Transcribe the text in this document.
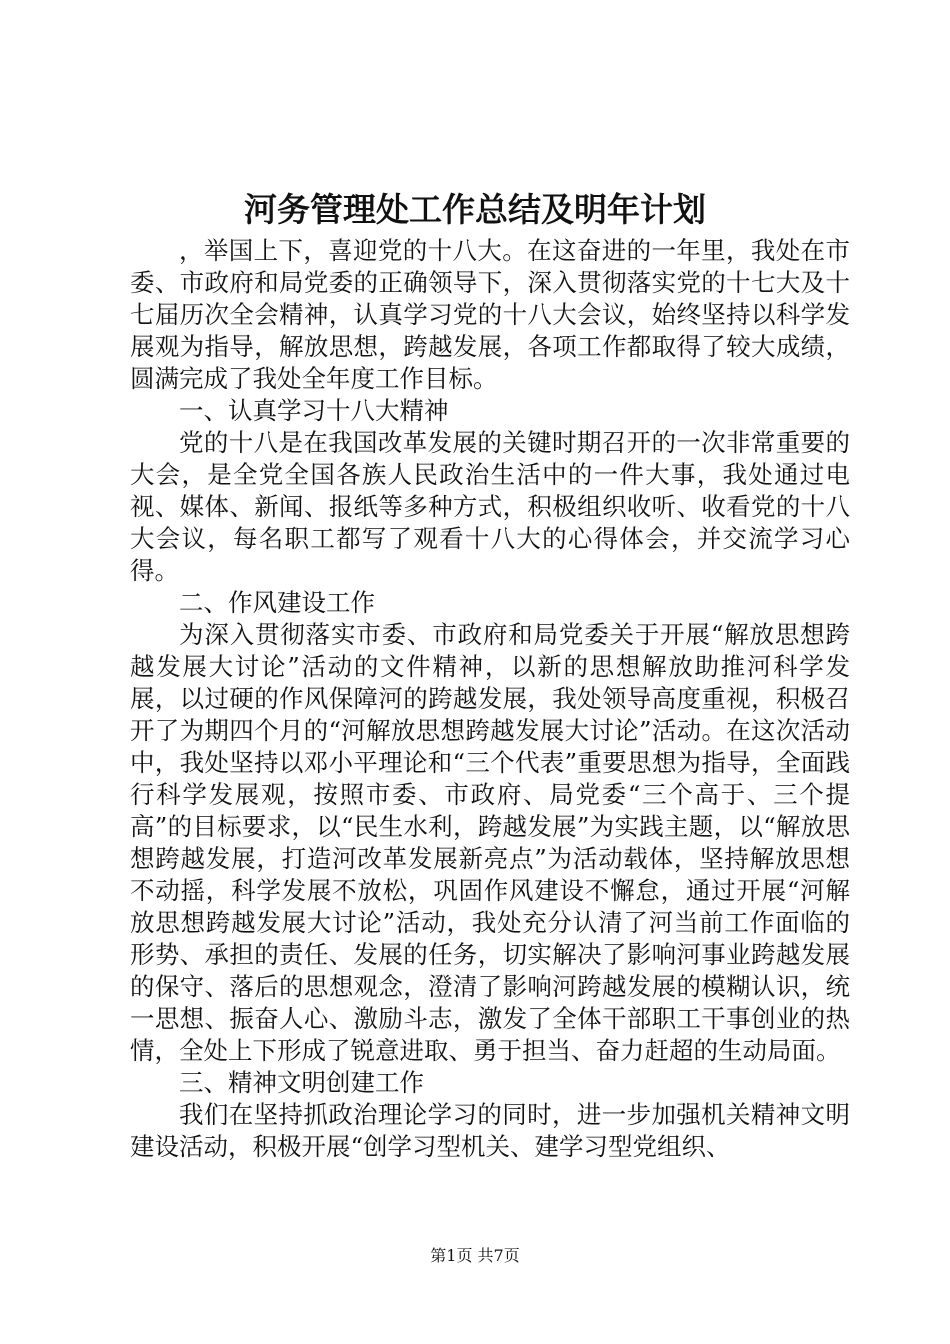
河务管理处工作总结及明年计划

，举国上下，喜迎党的十八大。在这奋进的一年里，我处在市委、市政府和局党委的正确领导下，深入贯彻落实党的十七大及十七届历次全会精神，认真学习党的十八大会议，始终坚持以科学发展观为指导，解放思想，跨越发展，各项工作都取得了较大成绩，圆满完成了我处全年度工作目标。

一、认真学习十八大精神

党的十八是在我国改革发展的关键时期召开的一次非常重要的大会，是全党全国各族人民政治生活中的一件大事，我处通过电视、媒体、新闻、报纸等多种方式，积极组织收听、收看党的十八大会议，每名职工都写了观看十八大的心得体会，并交流学习心得。

二、作风建设工作

为深入贯彻落实市委、市政府和局党委关于开展“解放思想跨越发展大讨论”活动的文件精神，以新的思想解放助推河科学发展，以过硬的作风保障河的跨越发展，我处领导高度重视，积极召开了为期四个月的“河解放思想跨越发展大讨论”活动。在这次活动中，我处坚持以邓小平理论和“三个代表”重要思想为指导，全面践行科学发展观，按照市委、市政府、局党委“三个高于、三个提高”的目标要求，以“民生水利，跨越发展”为实践主题，以“解放思想跨越发展，打造河改革发展新亮点”为活动载体，坚持解放思想不动摇，科学发展不放松，巩固作风建设不懈怠，通过开展“河解放思想跨越发展大讨论”活动，我处充分认清了河当前工作面临的形势、承担的责任、发展的任务，切实解决了影响河事业跨越发展的保守、落后的思想观念，澄清了影响河跨越发展的模糊认识，统一思想、振奋人心、激励斗志，激发了全体干部职工干事创业的热情，全处上下形成了锐意进取、勇于担当、奋力赶超的生动局面。

三、精神文明创建工作

我们在坚持抓政治理论学习的同时，进一步加强机关精神文明建设活动，积极开展“创学习型机关、建学习型党组织、

第1页 共7页
